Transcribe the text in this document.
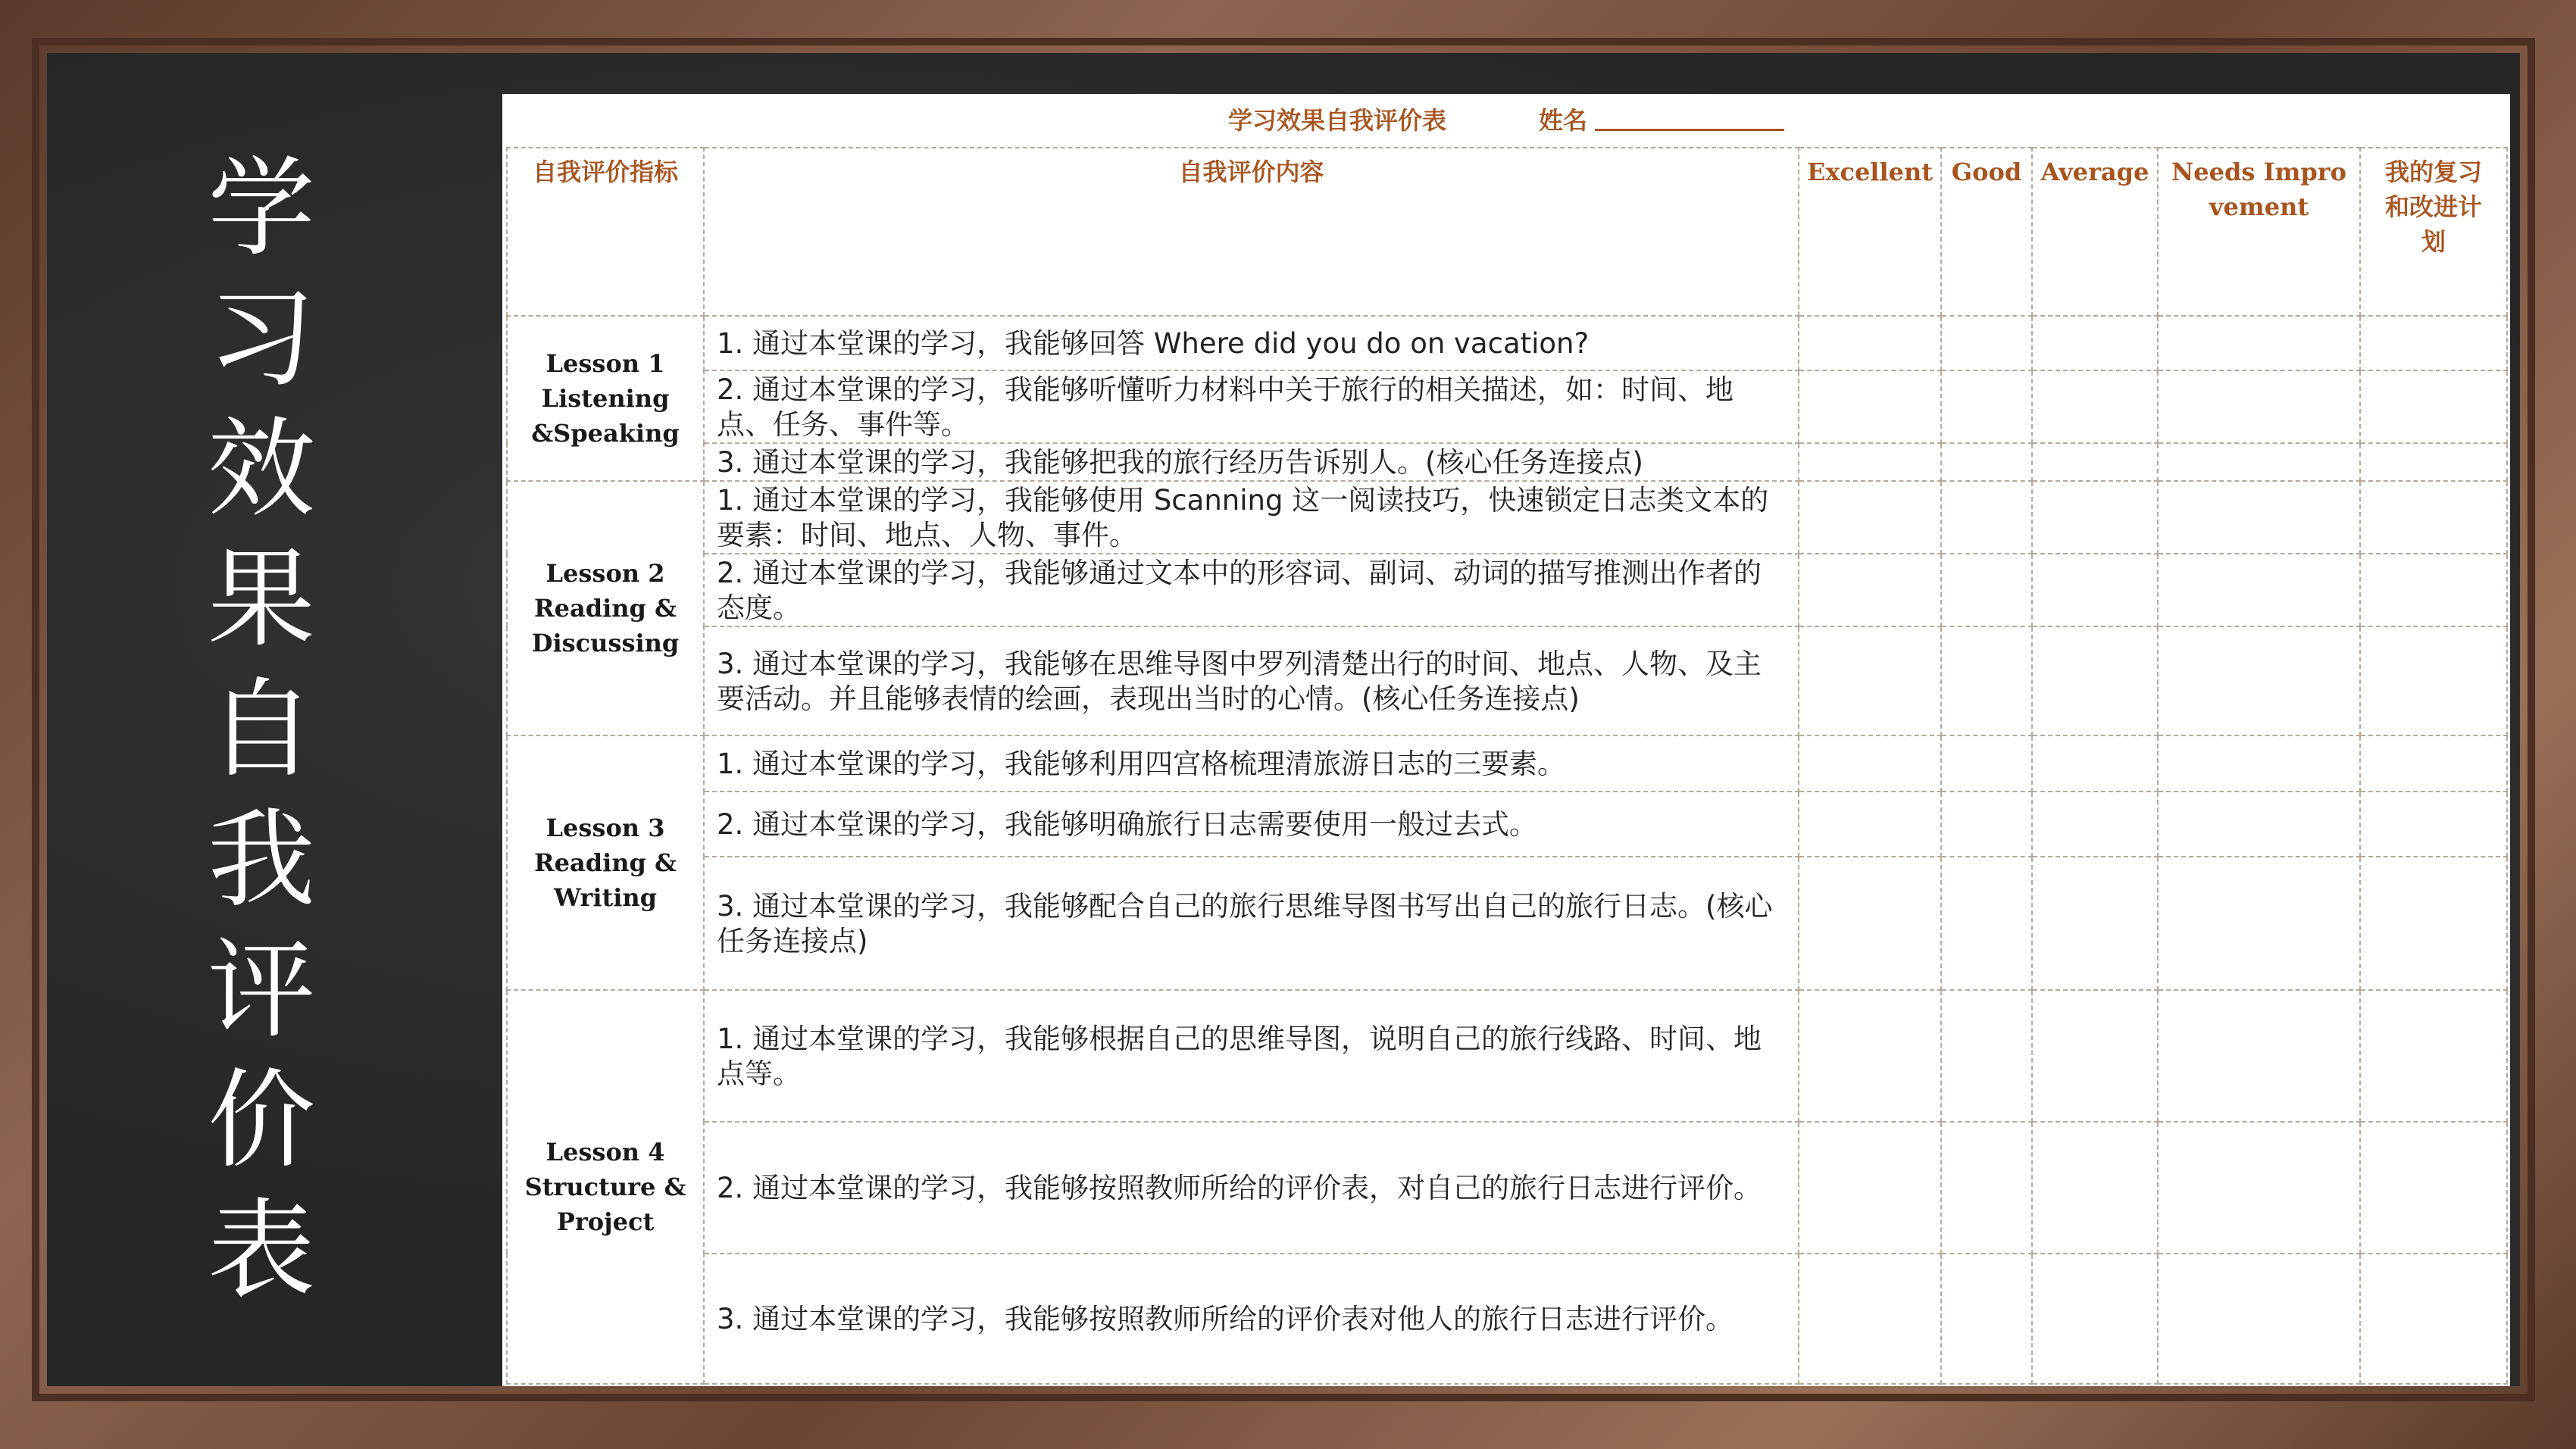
学
习
效
果
自
我
评
价
表
学习效果自我评价表	姓名
自我评价指标	自我评价内容	Excellent	Good	Average	Needs Improvement	我的复习和改进计划
Lesson 1
Listening
&Speaking	1. 通过本堂课的学习，我能够回答 Where did you do on vacation?					
	2. 通过本堂课的学习，我能够听懂听力材料中关于旅行的相关描述，如：时间、地点、任务、事件等。					
	3. 通过本堂课的学习，我能够把我的旅行经历告诉别人。(核心任务连接点)					
Lesson 2
Reading &
Discussing	1. 通过本堂课的学习，我能够使用 Scanning 这一阅读技巧，快速锁定日志类文本的要素：时间、地点、人物、事件。					
	2. 通过本堂课的学习，我能够通过文本中的形容词、副词、动词的描写推测出作者的态度。					
	3. 通过本堂课的学习，我能够在思维导图中罗列清楚出行的时间、地点、人物、及主要活动。并且能够表情的绘画，表现出当时的心情。(核心任务连接点)					
Lesson 3
Reading &
Writing	1. 通过本堂课的学习，我能够利用四宫格梳理清旅游日志的三要素。					
	2. 通过本堂课的学习，我能够明确旅行日志需要使用一般过去式。					
	3. 通过本堂课的学习，我能够配合自己的旅行思维导图书写出自己的旅行日志。(核心任务连接点)					
Lesson 4
Structure &
Project	1. 通过本堂课的学习，我能够根据自己的思维导图，说明自己的旅行线路、时间、地点等。					
	2. 通过本堂课的学习，我能够按照教师所给的评价表，对自己的旅行日志进行评价。					
	3. 通过本堂课的学习，我能够按照教师所给的评价表对他人的旅行日志进行评价。					
